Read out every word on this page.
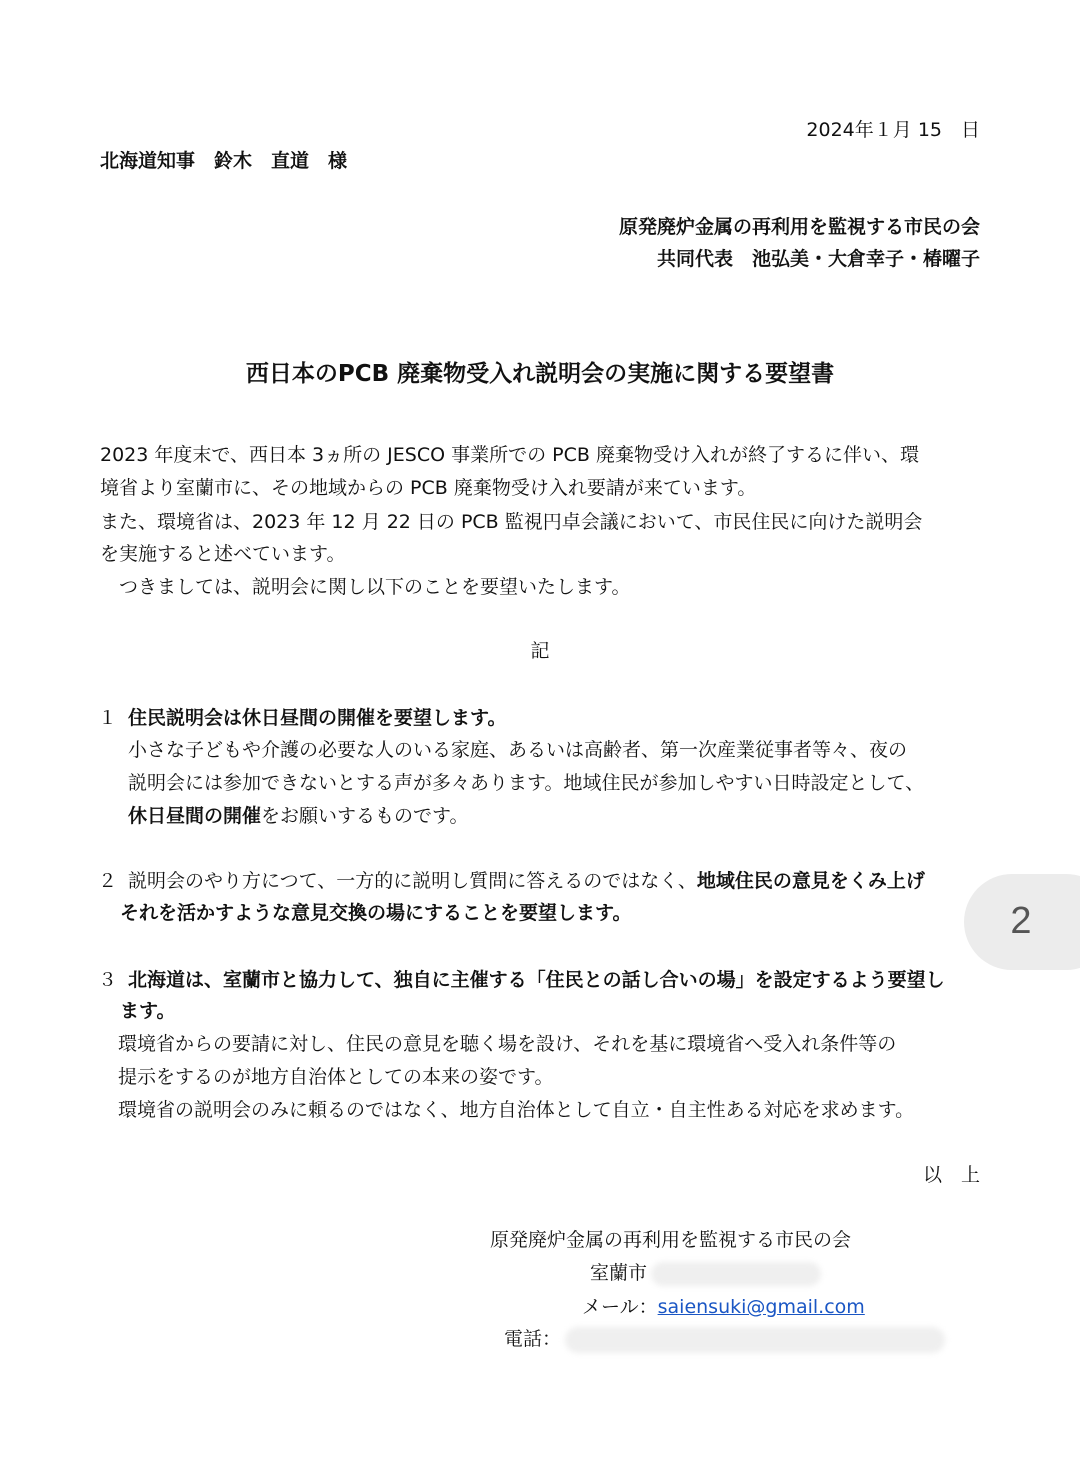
2024年１月 15　日
北海道知事　鈴木　直道　様
原発廃炉金属の再利用を監視する市民の会
共同代表　池弘美・大倉幸子・椿曜子
西日本のPCB 廃棄物受入れ説明会の実施に関する要望書
2023 年度末で、西日本 3ヵ所の JESCO 事業所での PCB 廃棄物受け入れが終了するに伴い、環
境省より室蘭市に、その地域からの PCB 廃棄物受け入れ要請が来ています。
また、環境省は、2023 年 12 月 22 日の PCB 監視円卓会議において、市民住民に向けた説明会
を実施すると述べています。
　つきましては、説明会に関し以下のことを要望いたします。
記
１ 住民説明会は休日昼間の開催を要望します。
小さな子どもや介護の必要な人のいる家庭、あるいは高齢者、第一次産業従事者等々、夜の
説明会には参加できないとする声が多々あります。地域住民が参加しやすい日時設定として、
休日昼間の開催をお願いするものです。
２ 説明会のやり方につて、一方的に説明し質問に答えるのではなく、地域住民の意見をくみ上げ
それを活かすような意見交換の場にすることを要望します。
３ 北海道は、室蘭市と協力して、独自に主催する「住民との話し合いの場」を設定するよう要望し
ます。
環境省からの要請に対し、住民の意見を聴く場を設け、それを基に環境省へ受入れ条件等の
提示をするのが地方自治体としての本来の姿です。
環境省の説明会のみに頼るのではなく、地方自治体として自立・自主性ある対応を求めます。
以　上
原発廃炉金属の再利用を監視する市民の会
室蘭市
メール：saiensuki@gmail.com
電話：
2
